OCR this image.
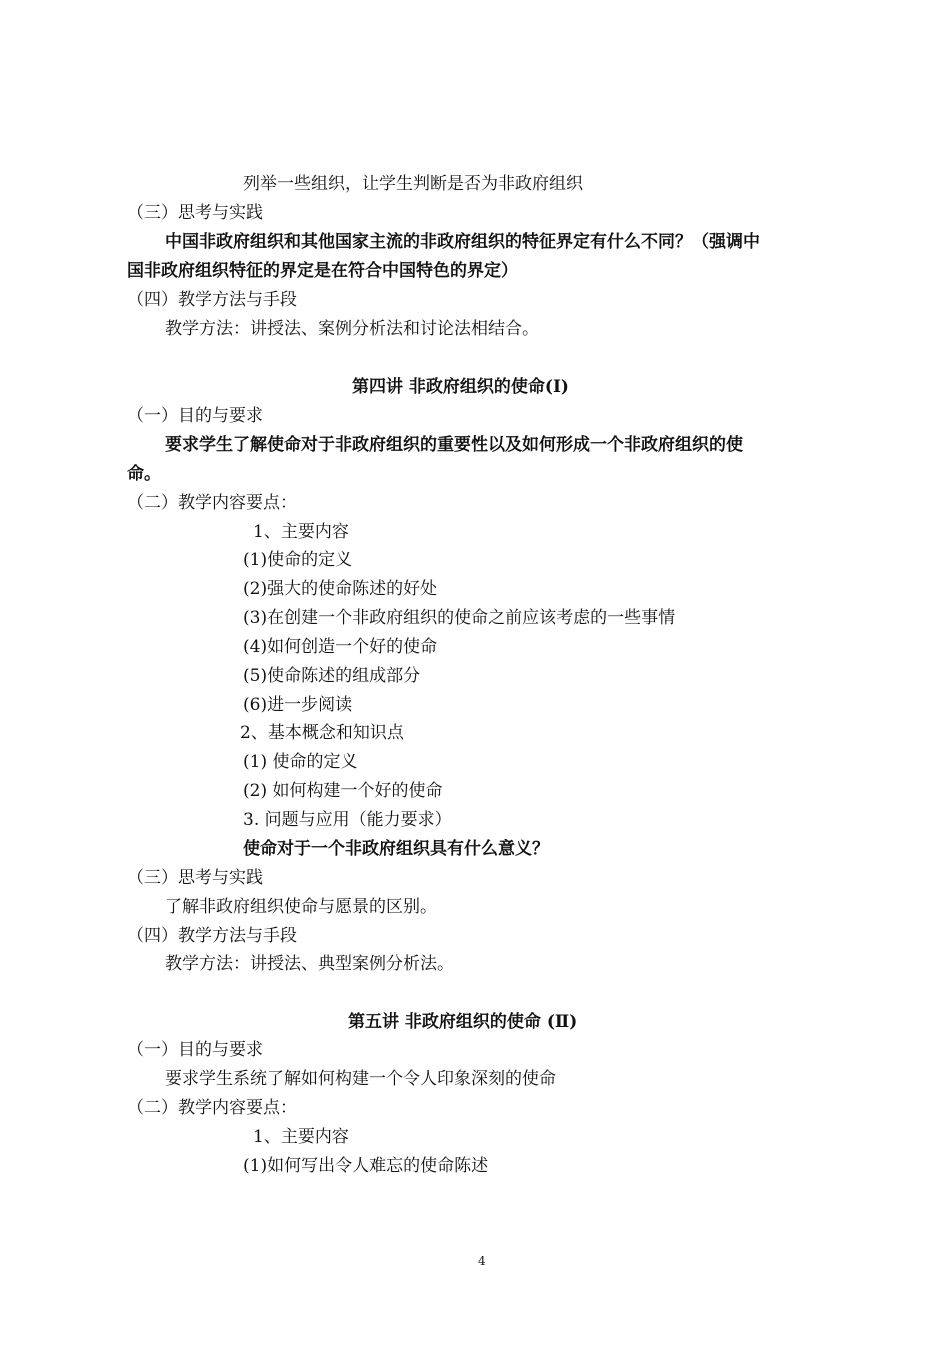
列举一些组织，让学生判断是否为非政府组织
（三）思考与实践
中国非政府组织和其他国家主流的非政府组织的特征界定有什么不同？（强调中
国非政府组织特征的界定是在符合中国特色的界定）
（四）教学方法与手段
教学方法：讲授法、案例分析法和讨论法相结合。
第四讲 非政府组织的使命(Ⅰ)
（一）目的与要求
要求学生了解使命对于非政府组织的重要性以及如何形成一个非政府组织的使
命。
（二）教学内容要点：
1、主要内容
(1)使命的定义
(2)强大的使命陈述的好处
(3)在创建一个非政府组织的使命之前应该考虑的一些事情
(4)如何创造一个好的使命
(5)使命陈述的组成部分
(6)进一步阅读
2、基本概念和知识点
(1) 使命的定义
(2) 如何构建一个好的使命
3. 问题与应用（能力要求）
使命对于一个非政府组织具有什么意义？
（三）思考与实践
了解非政府组织使命与愿景的区别。
（四）教学方法与手段
教学方法：讲授法、典型案例分析法。
第五讲 非政府组织的使命 (Ⅱ)
（一）目的与要求
要求学生系统了解如何构建一个令人印象深刻的使命
（二）教学内容要点：
1、主要内容
(1)如何写出令人难忘的使命陈述
4
